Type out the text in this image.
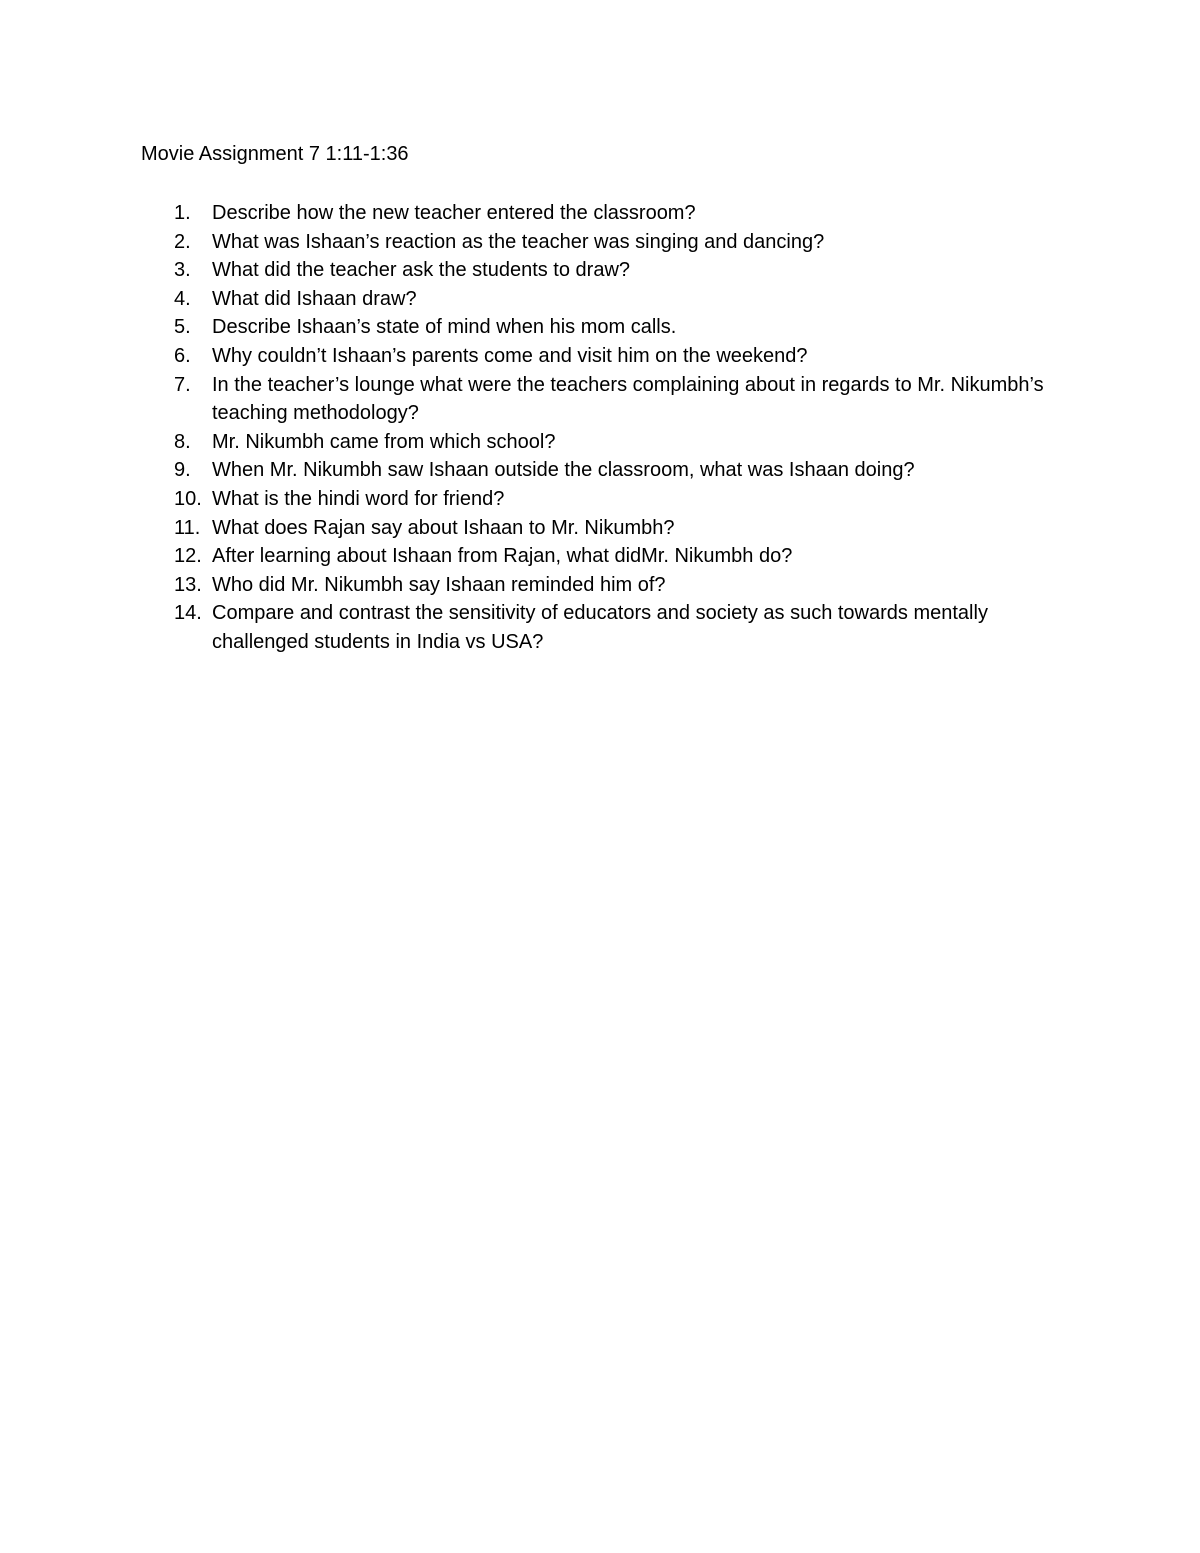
Movie Assignment 7 1:11-1:36
1.	Describe how the new teacher entered the classroom?
2.	What was Ishaan’s reaction as the teacher was singing and dancing?
3.	What did the teacher ask the students to draw?
4.	What did Ishaan draw?
5.	Describe Ishaan’s state of mind when his mom calls.
6.	Why couldn’t Ishaan’s parents come and visit him on the weekend?
7.	In the teacher’s lounge what were the teachers complaining about in regards to Mr. Nikumbh’s teaching methodology?
8.	Mr. Nikumbh came from which school?
9.	When Mr. Nikumbh saw Ishaan outside the classroom, what was Ishaan doing?
10. What is the hindi word for friend?
11. What does Rajan say about Ishaan to Mr. Nikumbh?
12. After learning about Ishaan from Rajan, what didMr. Nikumbh do?
13. Who did Mr. Nikumbh say Ishaan reminded him of?
14. Compare and contrast the sensitivity of educators and society as such towards mentally challenged students in India vs USA?
